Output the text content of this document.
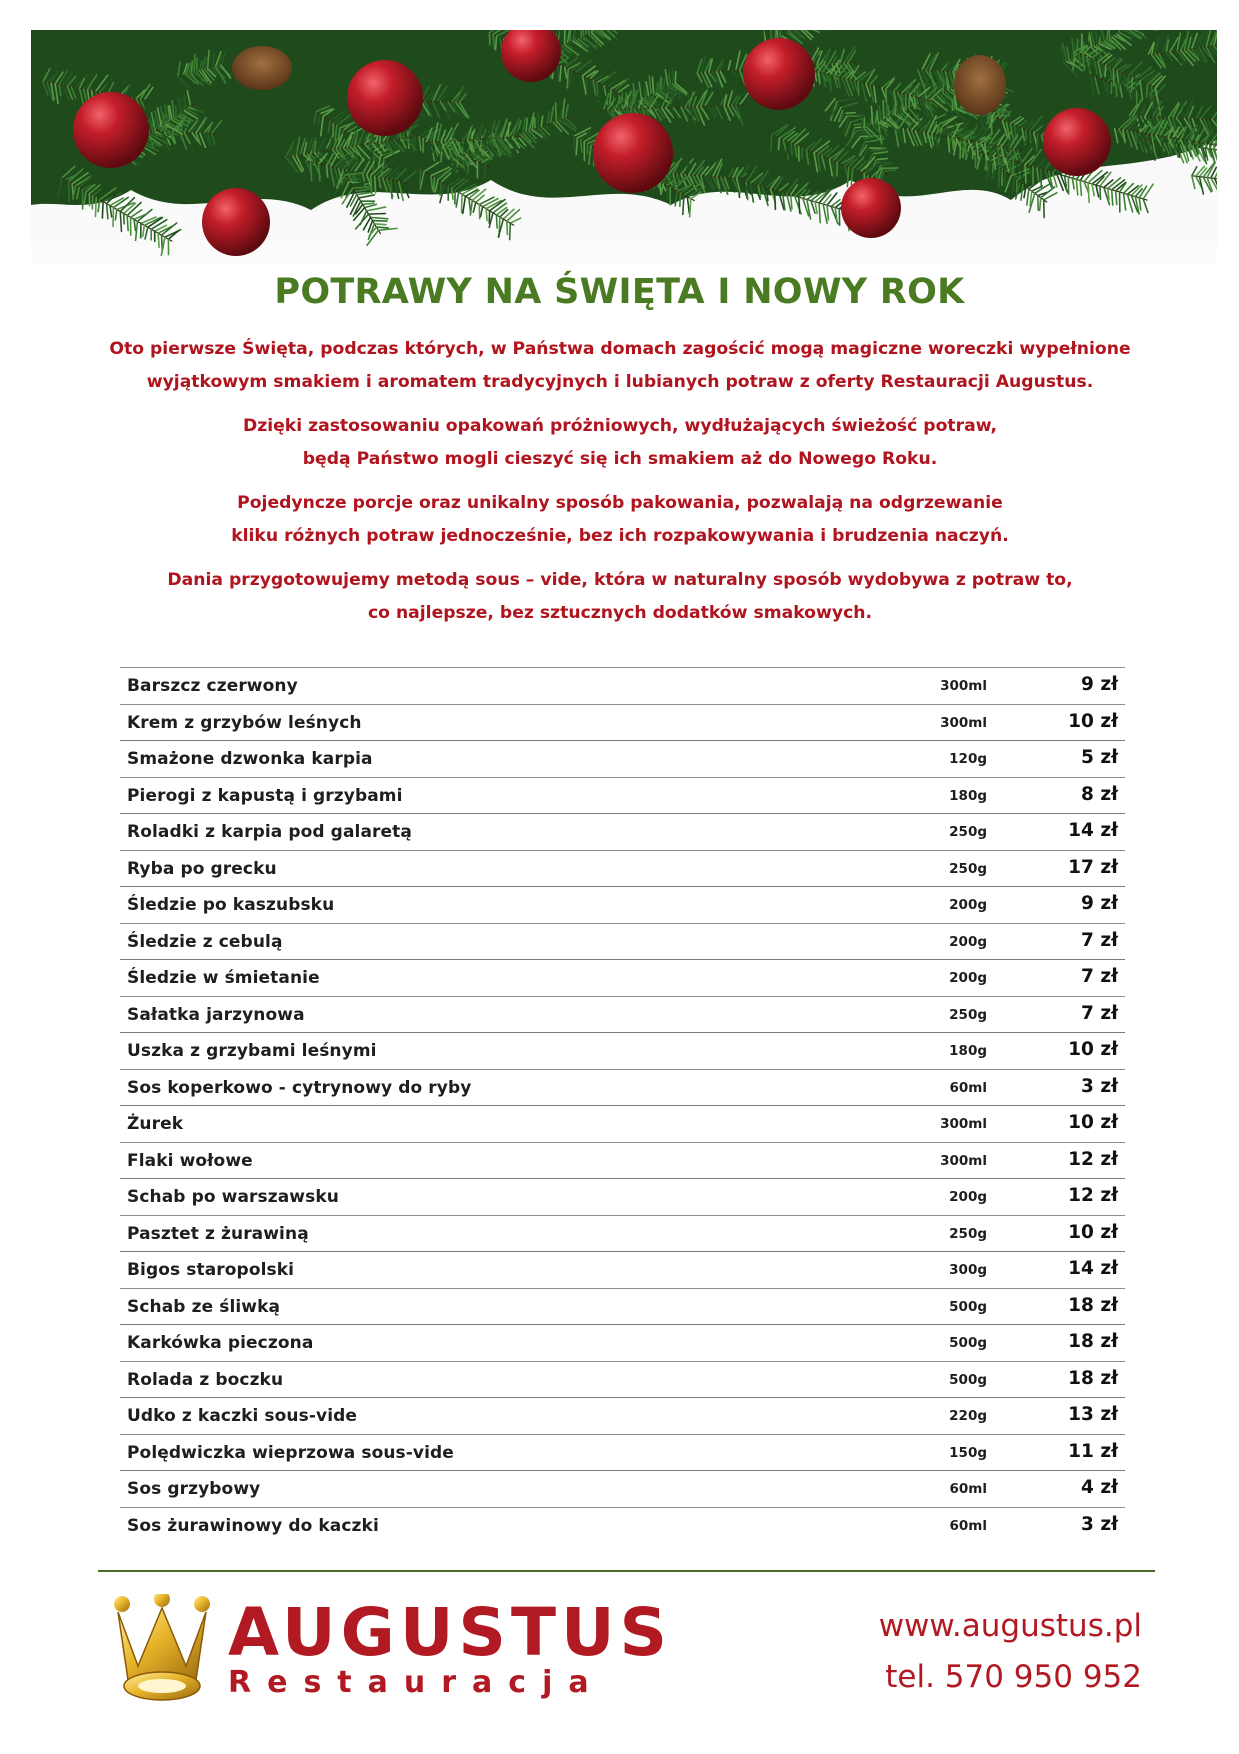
POTRAWY NA ŚWIĘTA I NOWY ROK

Oto pierwsze Święta, podczas których, w Państwa domach zagościć mogą magiczne woreczki wypełnione

wyjątkowym smakiem i aromatem tradycyjnych i lubianych potraw z oferty Restauracji Augustus.

Dzięki zastosowaniu opakowań próżniowych, wydłużających świeżość potraw,

będą Państwo mogli cieszyć się ich smakiem aż do Nowego Roku.

Pojedyncze porcje oraz unikalny sposób pakowania, pozwalają na odgrzewanie

kliku różnych potraw jednocześnie, bez ich rozpakowywania i brudzenia naczyń.

Dania przygotowujemy metodą sous – vide, która w naturalny sposób wydobywa z potraw to,

co najlepsze, bez sztucznych dodatków smakowych.

Barszcz czerwony	300ml	9 zł
Krem z grzybów leśnych	300ml	10 zł
Smażone dzwonka karpia	120g	5 zł
Pierogi z kapustą i grzybami	180g	8 zł
Roladki z karpia pod galaretą	250g	14 zł
Ryba po grecku	250g	17 zł
Śledzie po kaszubsku	200g	9 zł
Śledzie z cebulą	200g	7 zł
Śledzie w śmietanie	200g	7 zł
Sałatka jarzynowa	250g	7 zł
Uszka z grzybami leśnymi	180g	10 zł
Sos koperkowo - cytrynowy do ryby	60ml	3 zł
Żurek	300ml	10 zł
Flaki wołowe	300ml	12 zł
Schab po warszawsku	200g	12 zł
Pasztet z żurawiną	250g	10 zł
Bigos staropolski	300g	14 zł
Schab ze śliwką	500g	18 zł
Karkówka pieczona	500g	18 zł
Rolada z boczku	500g	18 zł
Udko z kaczki sous-vide	220g	13 zł
Polędwiczka wieprzowa sous-vide	150g	11 zł
Sos grzybowy	60ml	4 zł
Sos żurawinowy do kaczki	60ml	3 zł
AUGUSTUS
Restauracja
www.augustus.pl
tel. 570 950 952
